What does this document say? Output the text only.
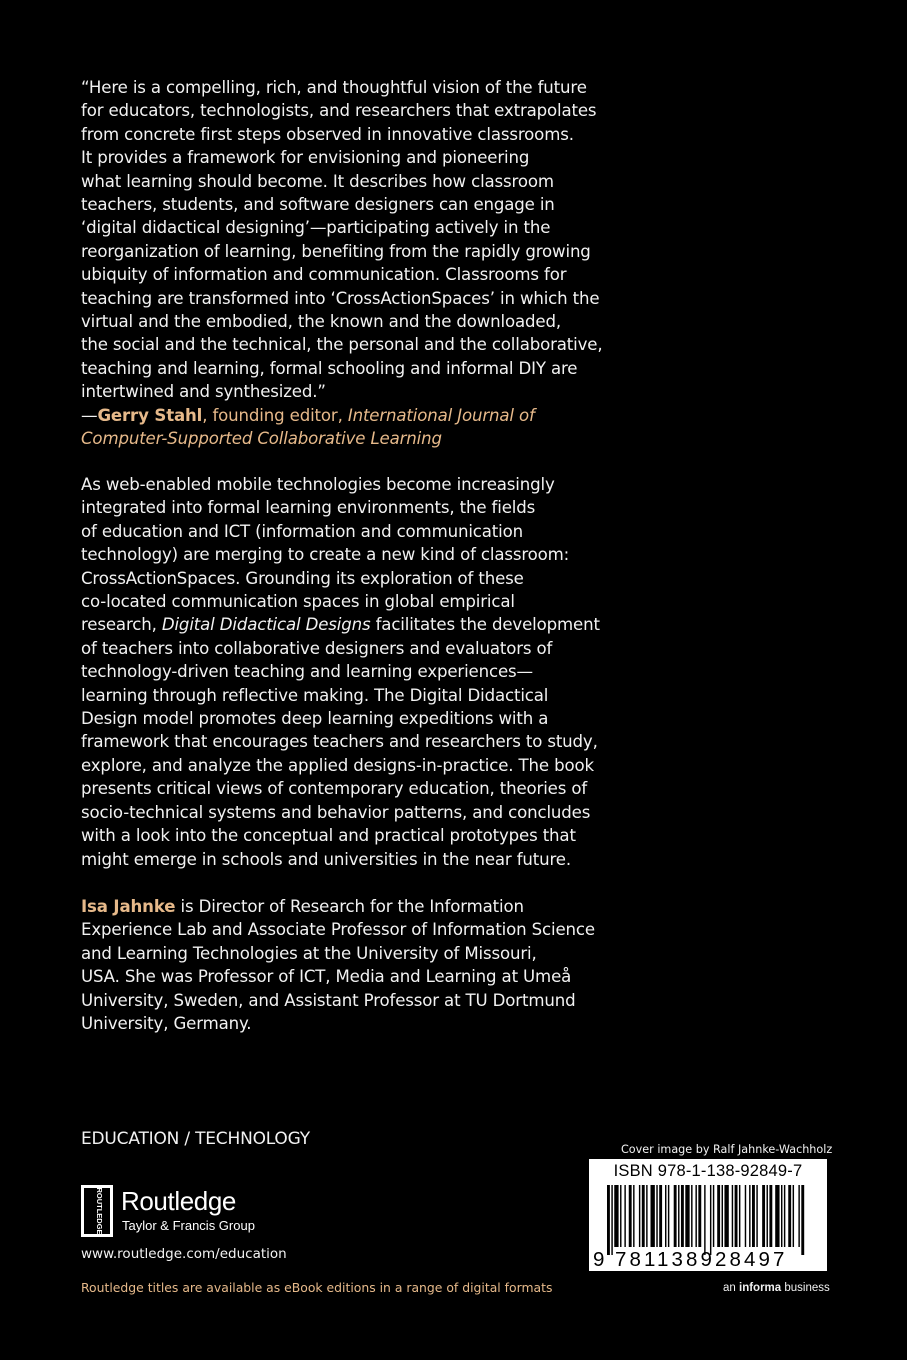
“Here is a compelling, rich, and thoughtful vision of the future
for educators, technologists, and researchers that extrapolates
from concrete first steps observed in innovative classrooms.
It provides a framework for envisioning and pioneering
what learning should become. It describes how classroom
teachers, students, and software designers can engage in
‘digital didactical designing’—participating actively in the
reorganization of learning, benefiting from the rapidly growing
ubiquity of information and communication. Classrooms for
teaching are transformed into ‘CrossActionSpaces’ in which the
virtual and the embodied, the known and the downloaded,
the social and the technical, the personal and the collaborative,
teaching and learning, formal schooling and informal DIY are
intertwined and synthesized.”
—Gerry Stahl, founding editor, International Journal of
Computer-Supported Collaborative Learning
As web-enabled mobile technologies become increasingly
integrated into formal learning environments, the fields
of education and ICT (information and communication
technology) are merging to create a new kind of classroom:
CrossActionSpaces. Grounding its exploration of these
co-located communication spaces in global empirical
research, Digital Didactical Designs facilitates the development
of teachers into collaborative designers and evaluators of
technology-driven teaching and learning experiences—
learning through reflective making. The Digital Didactical
Design model promotes deep learning expeditions with a
framework that encourages teachers and researchers to study,
explore, and analyze the applied designs-in-practice. The book
presents critical views of contemporary education, theories of
socio-technical systems and behavior patterns, and concludes
with a look into the conceptual and practical prototypes that
might emerge in schools and universities in the near future.
Isa Jahnke is Director of Research for the Information
Experience Lab and Associate Professor of Information Science
and Learning Technologies at the University of Missouri,
USA. She was Professor of ICT, Media and Learning at Umeå
University, Sweden, and Assistant Professor at TU Dortmund
University, Germany.
EDUCATION / TECHNOLOGY
ROUTLEDGE Routledge
Taylor & Francis Group
www.routledge.com/education
Routledge titles are available as eBook editions in a range of digital formats
Cover image by Ralf Jahnke-Wachholz
ISBN 978-1-138-92849-7
9 781138928497
an informa business
